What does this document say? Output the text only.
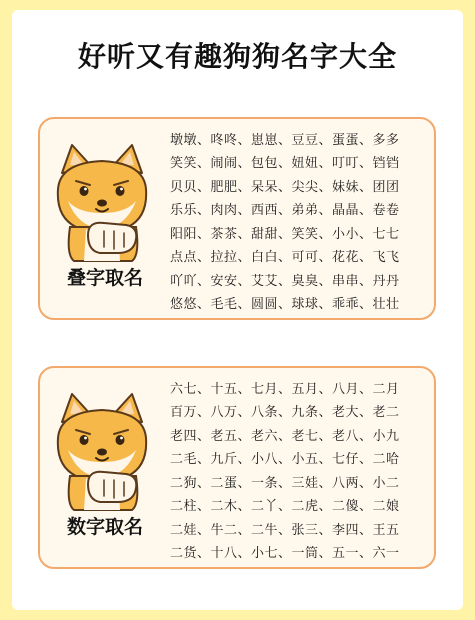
好听又有趣狗狗名字大全
叠字取名
墩墩、咚咚、崽崽、豆豆、蛋蛋、多多
笑笑、闹闹、包包、妞妞、叮叮、铛铛
贝贝、肥肥、呆呆、尖尖、妹妹、团团
乐乐、肉肉、西西、弟弟、晶晶、卷卷
阳阳、茶茶、甜甜、笑笑、小小、七七
点点、拉拉、白白、可可、花花、飞飞
吖吖、安安、艾艾、臭臭、串串、丹丹
悠悠、毛毛、圆圆、球球、乖乖、壮壮
数字取名
六七、十五、七月、五月、八月、二月
百万、八万、八条、九条、老大、老二
老四、老五、老六、老七、老八、小九
二毛、九斤、小八、小五、七仔、二哈
二狗、二蛋、一条、三娃、八两、小二
二柱、二木、二丫、二虎、二傻、二娘
二娃、牛二、二牛、张三、李四、王五
二货、十八、小七、一筒、五一、六一
